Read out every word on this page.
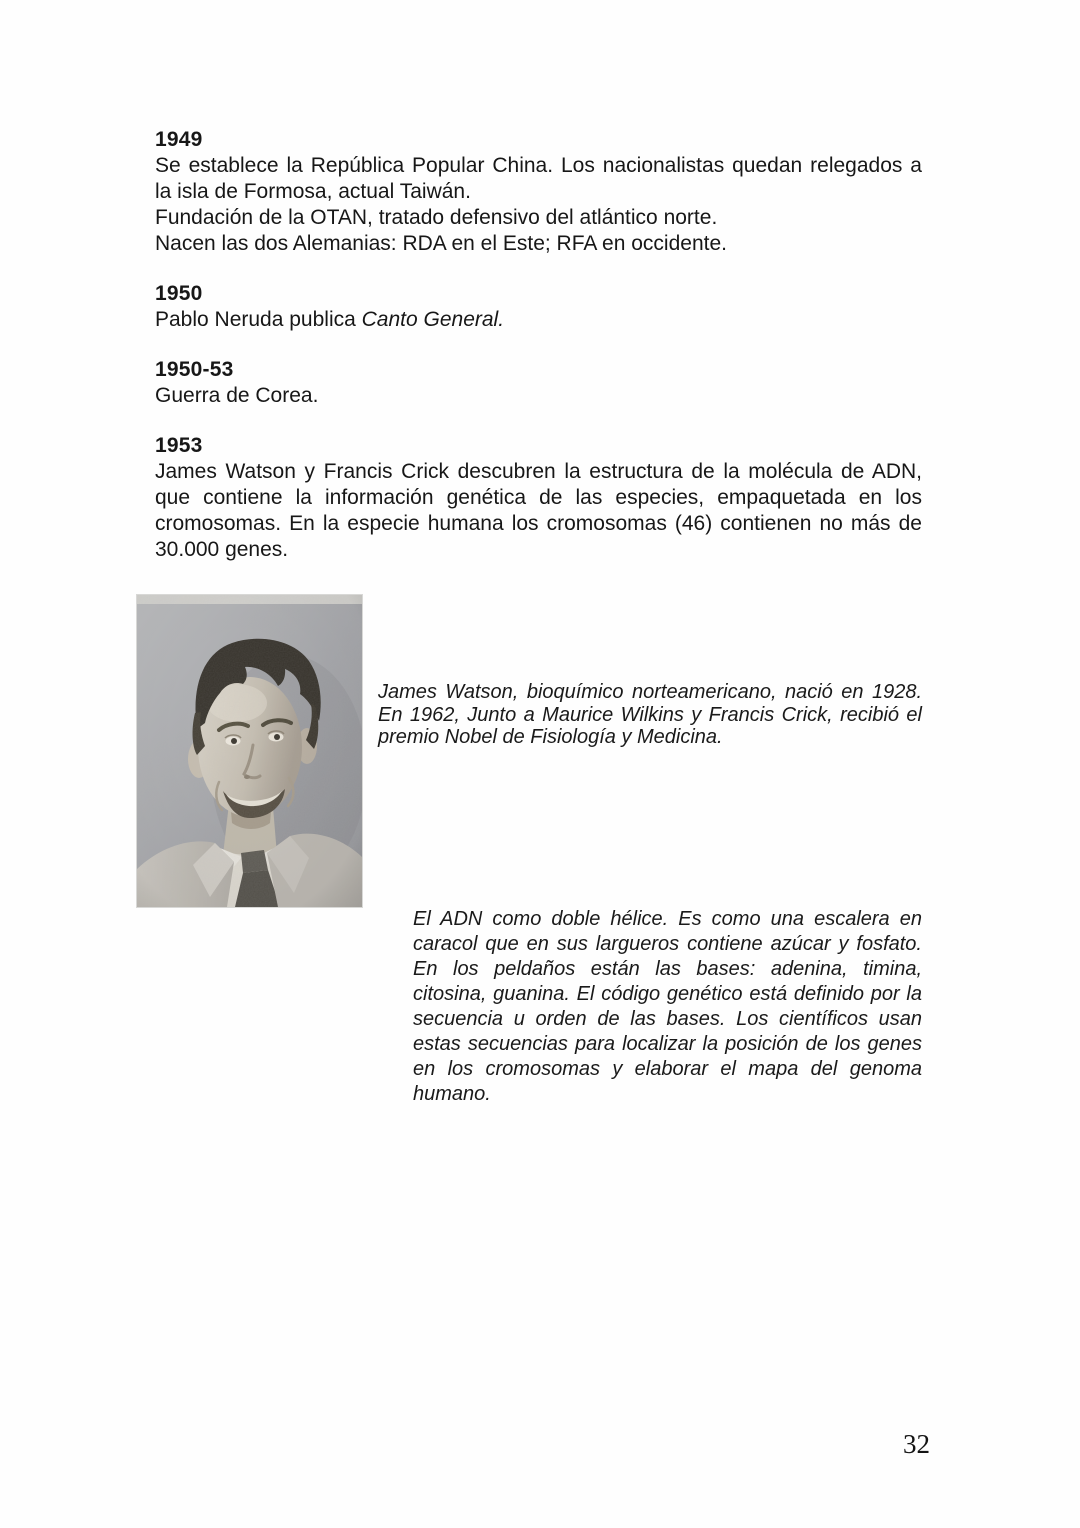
1949

Se establece la República Popular China. Los nacionalistas quedan relegados a la isla de Formosa, actual Taiwán.

Fundación de la OTAN, tratado defensivo del atlántico norte.

Nacen las dos Alemanias: RDA en el Este; RFA en occidente.

1950

Pablo Neruda publica Canto General.

1950-53

Guerra de Corea.

1953

James Watson y Francis Crick descubren la estructura de la molécula de ADN, que contiene la información genética de las especies, empaquetada en los cromosomas. En la especie humana los cromosomas (46) contienen no más de 30.000 genes.

James Watson, bioquímico norteamericano, nació en 1928. En 1962, Junto a Maurice Wilkins y Francis Crick, recibió el premio Nobel de Fisiología y Medicina.

El ADN como doble hélice. Es como una escalera en caracol que en sus largueros contiene azúcar y fosfato. En los peldaños están las bases: adenina, timina, citosina, guanina. El código genético está definido por la secuencia u orden de las bases. Los científicos usan estas secuencias para localizar la posición de los genes en los cromosomas y elaborar el mapa del genoma humano.

32
